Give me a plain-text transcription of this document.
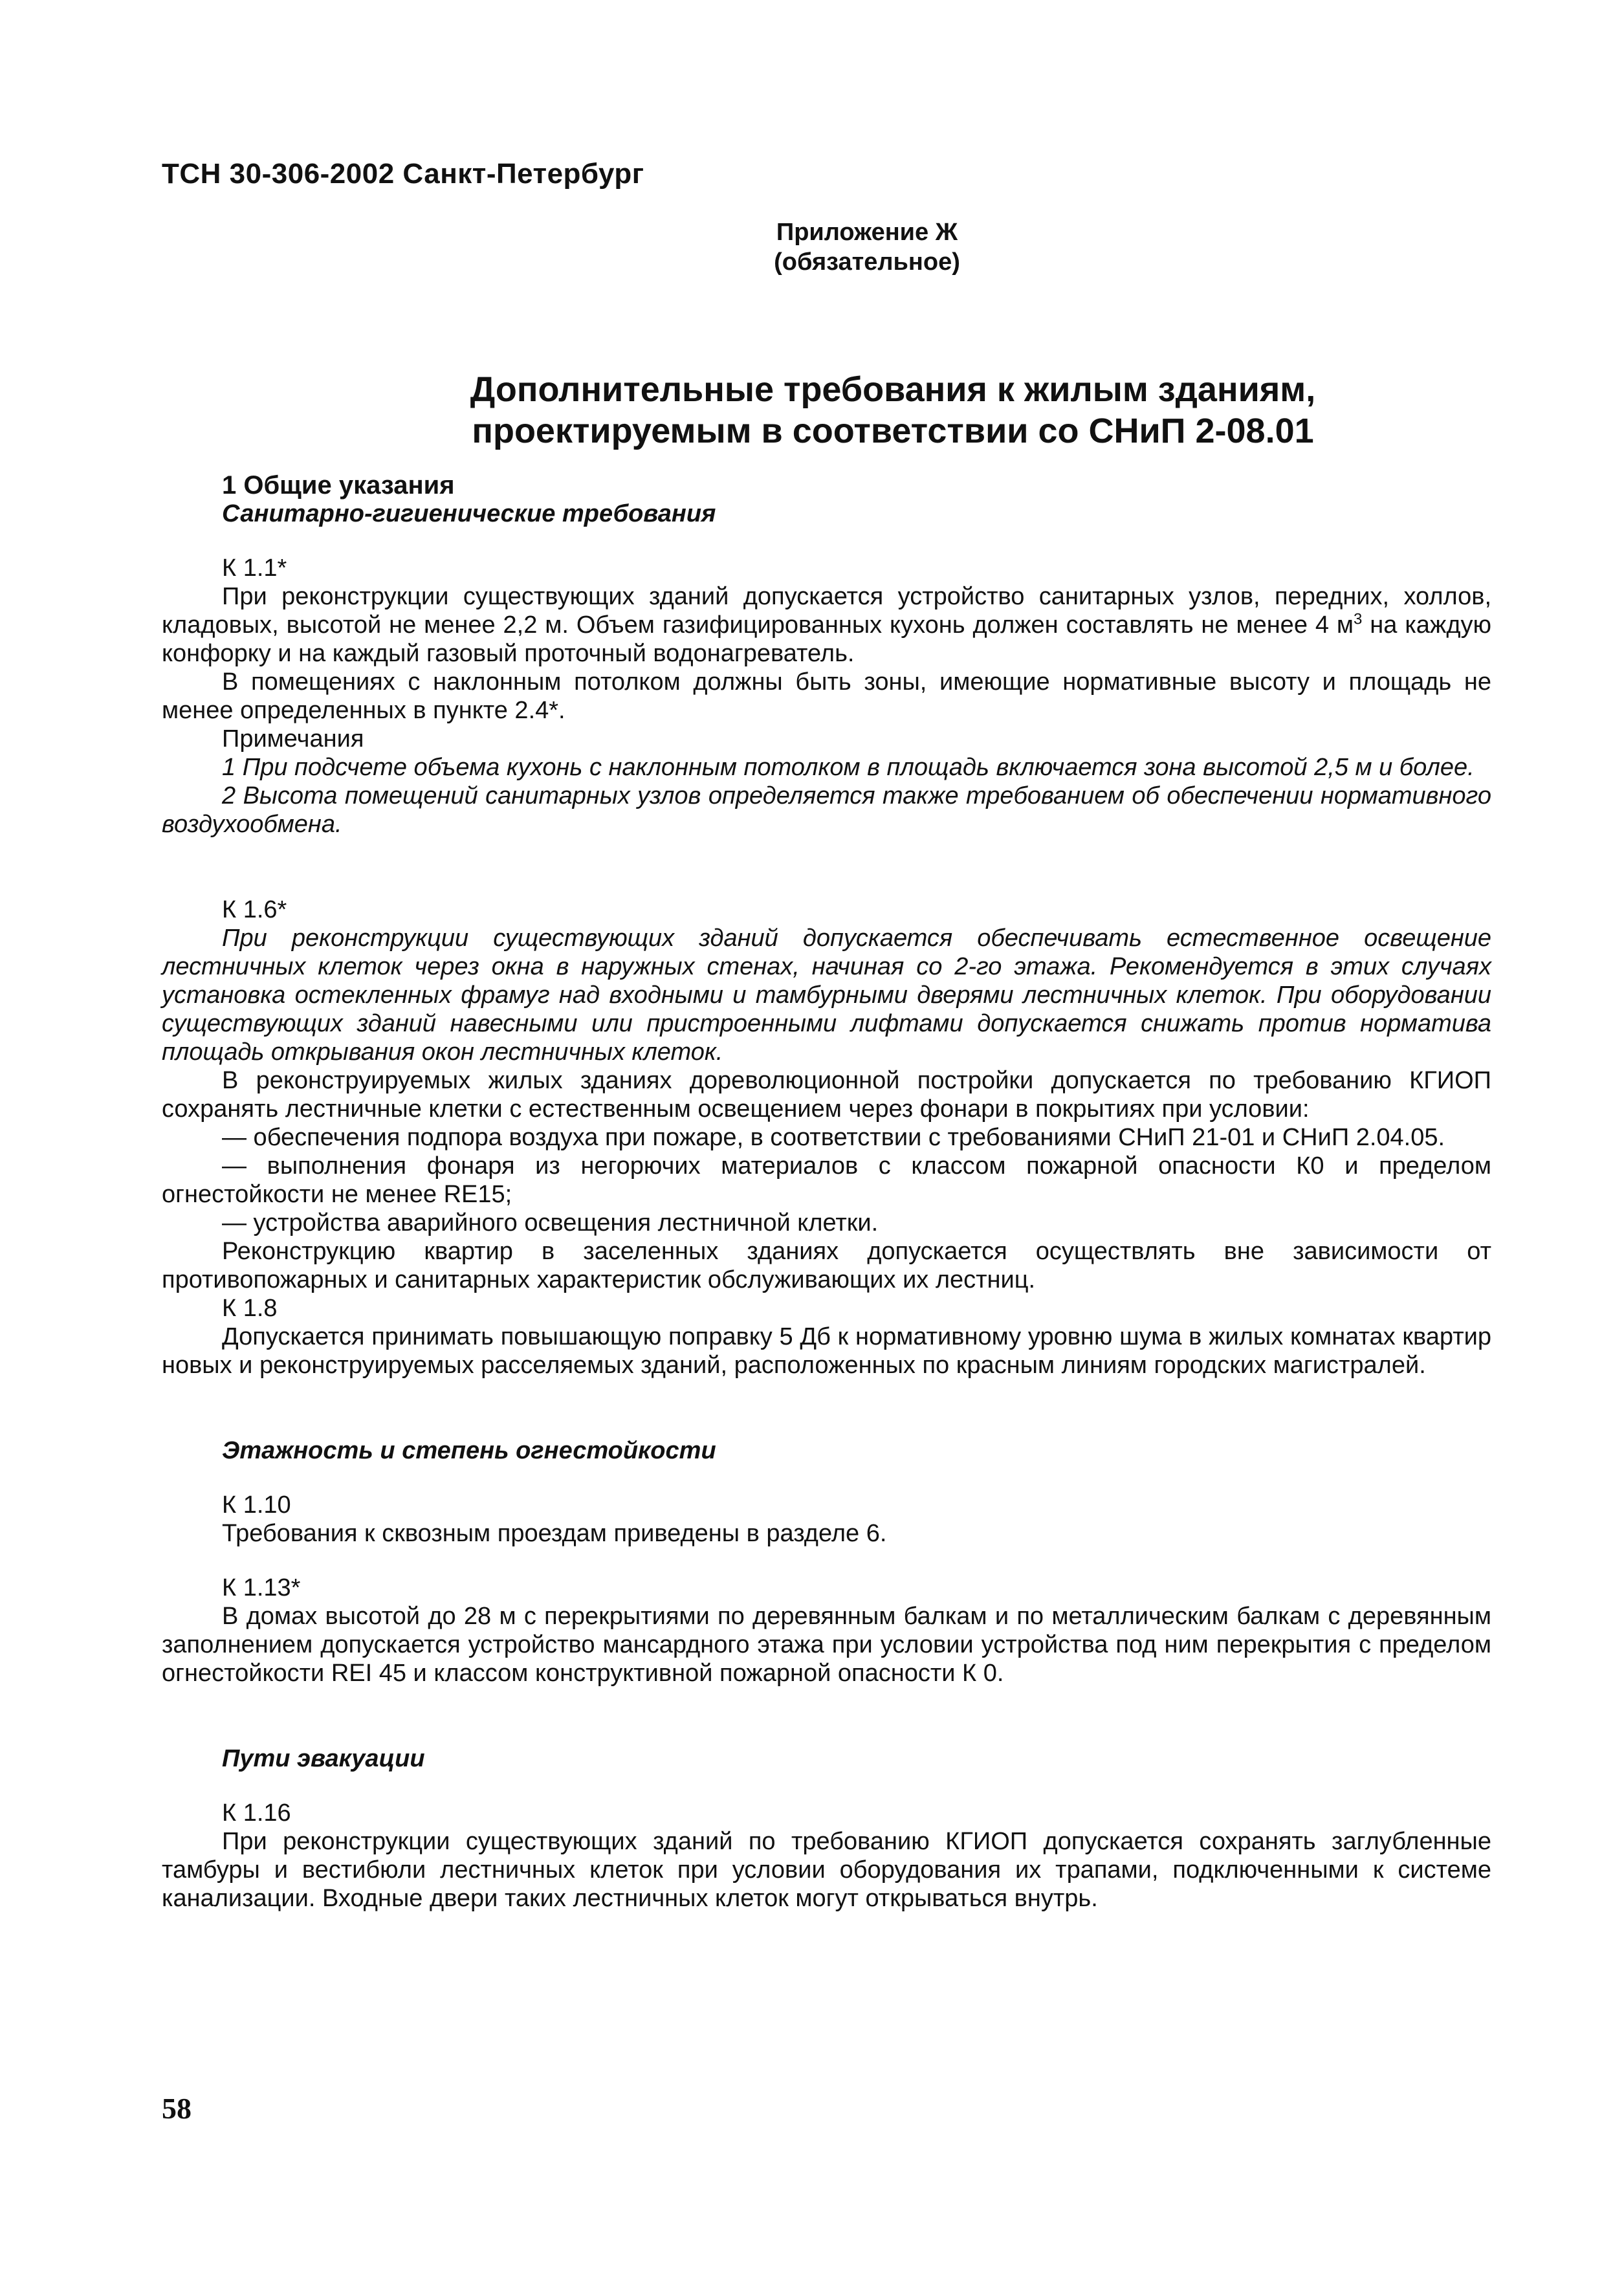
ТСН 30-306-2002 Санкт-Петербург
Приложение Ж
(обязательное)
Дополнительные требования к жилым зданиям,
проектируемым в соответствии со СНиП 2-08.01

1 Общие указания

Санитарно-гигиенические требования

К 1.1*

При реконструкции существующих зданий допускается устройство санитарных узлов, передних, холлов, кладовых, высотой не менее 2,2 м. Объем газифицированных кухонь должен составлять не менее 4 $м^3$ на каждую конфорку и на каждый газовый проточный водонагреватель.

В помещениях с наклонным потолком должны быть зоны, имеющие нормативные высоту и площадь не менее определенных в пункте 2.4*.

Примечания

1 При подсчете объема кухонь с наклонным потолком в площадь включается зона высотой 2,5 м и более.

2 Высота помещений санитарных узлов определяется также требованием об обеспечении нормативного воздухообмена.

К 1.6*

При реконструкции существующих зданий допускается обеспечивать естественное освещение лестничных клеток через окна в наружных стенах, начиная со 2-го этажа. Рекомендуется в этих случаях установка остекленных фрамуг над входными и тамбурными дверями лестничных клеток. При оборудовании существующих зданий навесными или пристроенными лифтами допускается снижать против норматива площадь открывания окон лестничных клеток.

В реконструируемых жилых зданиях дореволюционной постройки допускается по требованию КГИОП сохранять лестничные клетки с естественным освещением через фонари в покрытиях при условии:

— обеспечения подпора воздуха при пожаре, в соответствии с требованиями СНиП 21-01 и СНиП 2.04.05.

— выполнения фонаря из негорючих материалов с классом пожарной опасности К0 и пределом огнестойкости не менее RE15;

— устройства аварийного освещения лестничной клетки.

Реконструкцию квартир в заселенных зданиях допускается осуществлять вне зависимости от противопожарных и санитарных характеристик обслуживающих их лестниц.

К 1.8

Допускается принимать повышающую поправку 5 Дб к нормативному уровню шума в жилых комнатах квартир новых и реконструируемых расселяемых зданий, расположенных по красным линиям городских магистралей.

Этажность и степень огнестойкости

К 1.10

Требования к сквозным проездам приведены в разделе 6.

К 1.13*

В домах высотой до 28 м с перекрытиями по деревянным балкам и по металлическим балкам с деревянным заполнением допускается устройство мансардного этажа при условии устройства под ним перекрытия с пределом огнестойкости REI 45 и классом конструктивной пожарной опасности К 0.

Пути эвакуации

К 1.16

При реконструкции существующих зданий по требованию КГИОП допускается сохранять заглубленные тамбуры и вестибюли лестничных клеток при условии оборудования их трапами, подключенными к системе канализации. Входные двери таких лестничных клеток могут открываться внутрь.

58
